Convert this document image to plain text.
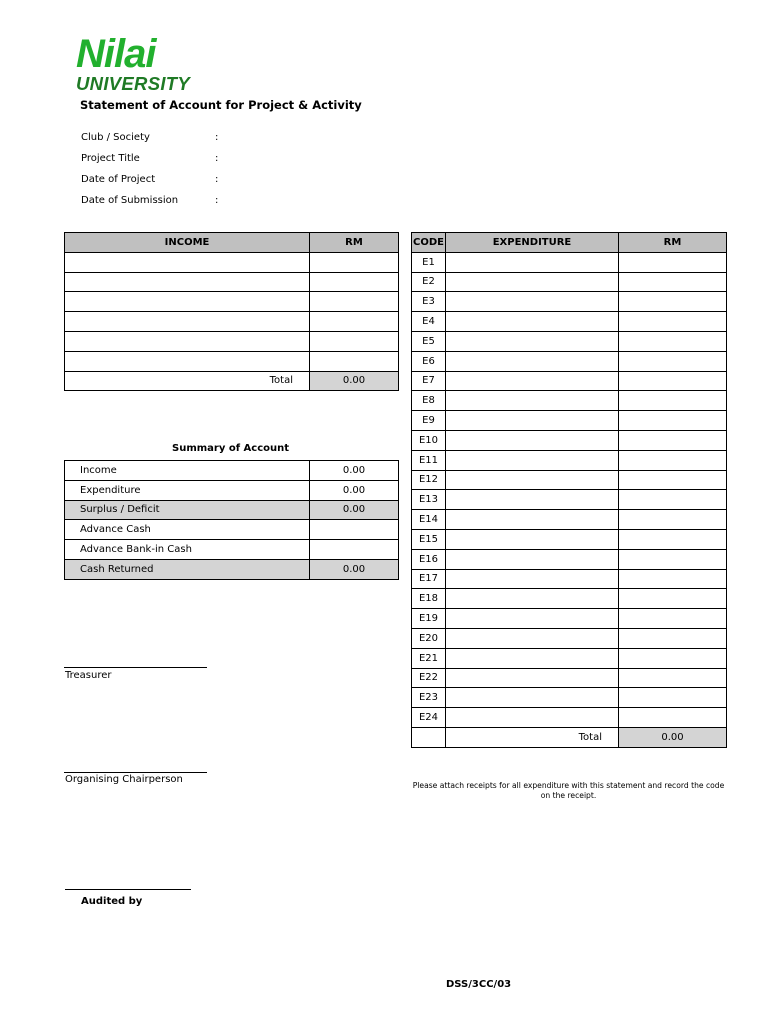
Nilai
UNIVERSITY
Statement of Account for Project & Activity
Club / Society	:
Project Title	:
Date of Project	:
Date of Submission	:
INCOME	RM

Total	0.00
Summary of Account
Income	0.00
Expenditure	0.00
Surplus / Deficit	0.00
Advance Cash	
Advance Bank-in Cash	
Cash Returned	0.00
CODE	EXPENDITURE	RM
E1		
E2		
E3		
E4		
E5		
E6		
E7		
E8		
E9		
E10		
E11		
E12		
E13		
E14		
E15		
E16		
E17		
E18		
E19		
E20		
E21		
E22		
E23		
E24		
	Total	0.00
Please attach receipts for all expenditure with this statement and record the code on the receipt.
Treasurer
Organising Chairperson
Audited by
DSS/3CC/03
